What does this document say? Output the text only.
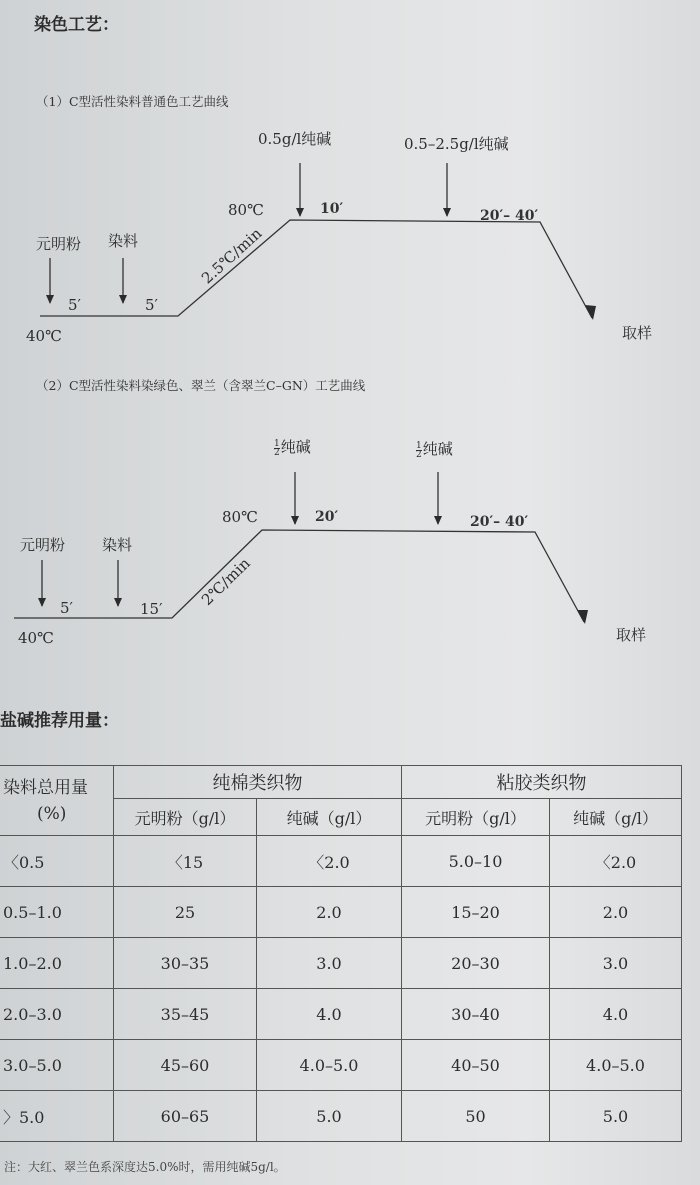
染色工艺：
（1）C型活性染料普通色工艺曲线
0.5g/l纯碱	0.5–2.5g/l纯碱
80℃	10′	20′– 40′
元明粉 染料
5′	5′
2.5℃/min
40℃	取样
（2）C型活性染料染绿色、翠兰（含翠兰C–GN）工艺曲线
$\frac{1}{2}$ 纯碱	$\frac{1}{2}$ 纯碱
80℃	20′	20′– 40′
元明粉 染料
5′	15′
2℃/min
40℃	取样
盐碱推荐用量：
染料总用量
(%)	纯棉类织物		粘胶类织物	
	元明粉（g/l）	纯碱（g/l）	元明粉（g/l）	纯碱（g/l）
〈0.5	〈15	〈2.0	5.0–10	〈2.0
0.5–1.0	25	2.0	15–20	2.0
1.0–2.0	30–35	3.0	20–30	3.0
2.0–3.0	35–45	4.0	30–40	4.0
3.0–5.0	45–60	4.0–5.0	40–50	4.0–5.0
〉5.0	60–65	5.0	50	5.0
注：大红、翠兰色系深度达5.0%时，需用纯碱5g/l。
